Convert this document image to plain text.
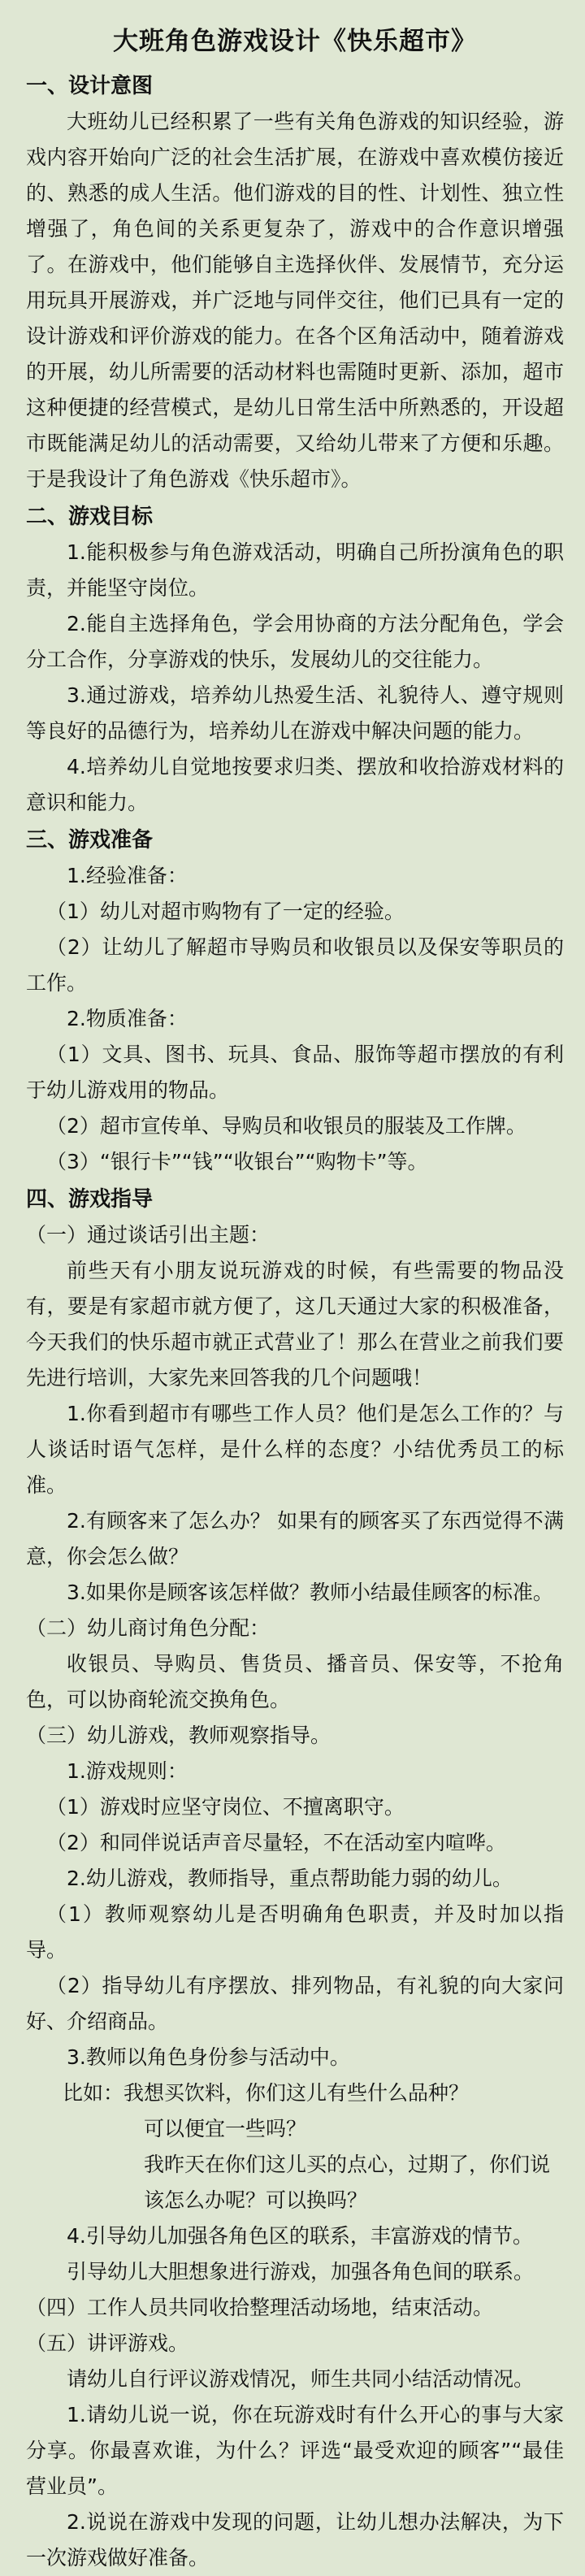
大班角色游戏设计《快乐超市》
一、设计意图

大班幼儿已经积累了一些有关角色游戏的知识经验，游戏内容开始向广泛的社会生活扩展，在游戏中喜欢模仿接近的、熟悉的成人生活。他们游戏的目的性、计划性、独立性增强了，角色间的关系更复杂了，游戏中的合作意识增强了。在游戏中，他们能够自主选择伙伴、发展情节，充分运用玩具开展游戏，并广泛地与同伴交往，他们已具有一定的设计游戏和评价游戏的能力。在各个区角活动中，随着游戏的开展，幼儿所需要的活动材料也需随时更新、添加，超市这种便捷的经营模式，是幼儿日常生活中所熟悉的，开设超市既能满足幼儿的活动需要，又给幼儿带来了方便和乐趣。于是我设计了角色游戏《快乐超市》。

二、游戏目标

1.能积极参与角色游戏活动，明确自己所扮演角色的职责，并能坚守岗位。

2.能自主选择角色，学会用协商的方法分配角色，学会分工合作，分享游戏的快乐，发展幼儿的交往能力。

3.通过游戏，培养幼儿热爱生活、礼貌待人、遵守规则等良好的品德行为，培养幼儿在游戏中解决问题的能力。

4.培养幼儿自觉地按要求归类、摆放和收拾游戏材料的意识和能力。

三、游戏准备

1.经验准备：

（1）幼儿对超市购物有了一定的经验。

（2）让幼儿了解超市导购员和收银员以及保安等职员的工作。

2.物质准备：

（1）文具、图书、玩具、食品、服饰等超市摆放的有利于幼儿游戏用的物品。

（2）超市宣传单、导购员和收银员的服装及工作牌。

（3）“银行卡”“钱”“收银台”“购物卡”等。

四、游戏指导

（一）通过谈话引出主题：

前些天有小朋友说玩游戏的时候，有些需要的物品没有，要是有家超市就方便了，这几天通过大家的积极准备，今天我们的快乐超市就正式营业了！那么在营业之前我们要先进行培训，大家先来回答我的几个问题哦！

1.你看到超市有哪些工作人员？他们是怎么工作的？与人谈话时语气怎样，是什么样的态度？小结优秀员工的标准。

2.有顾客来了怎么办？ 如果有的顾客买了东西觉得不满意，你会怎么做？

3.如果你是顾客该怎样做？教师小结最佳顾客的标准。

（二）幼儿商讨角色分配：

收银员、导购员、售货员、播音员、保安等，不抢角色，可以协商轮流交换角色。

（三）幼儿游戏，教师观察指导。

1.游戏规则：

（1）游戏时应坚守岗位、不擅离职守。

（2）和同伴说话声音尽量轻，不在活动室内喧哗。

2.幼儿游戏，教师指导，重点帮助能力弱的幼儿。

（1）教师观察幼儿是否明确角色职责，并及时加以指导。

（2）指导幼儿有序摆放、排列物品，有礼貌的向大家问好、介绍商品。

3.教师以角色身份参与活动中。

比如： 我想买饮料，你们这儿有些什么品种？
可以便宜一些吗？
我昨天在你们这儿买的点心，过期了，你们说该怎么办呢？可以换吗？

4.引导幼儿加强各角色区的联系，丰富游戏的情节。

引导幼儿大胆想象进行游戏，加强各角色间的联系。

（四）工作人员共同收拾整理活动场地，结束活动。

（五）讲评游戏。

请幼儿自行评议游戏情况，师生共同小结活动情况。

1.请幼儿说一说，你在玩游戏时有什么开心的事与大家分享。你最喜欢谁，为什么？评选“最受欢迎的顾客”“最佳营业员”。

2.说说在游戏中发现的问题，让幼儿想办法解决，为下一次游戏做好准备。
